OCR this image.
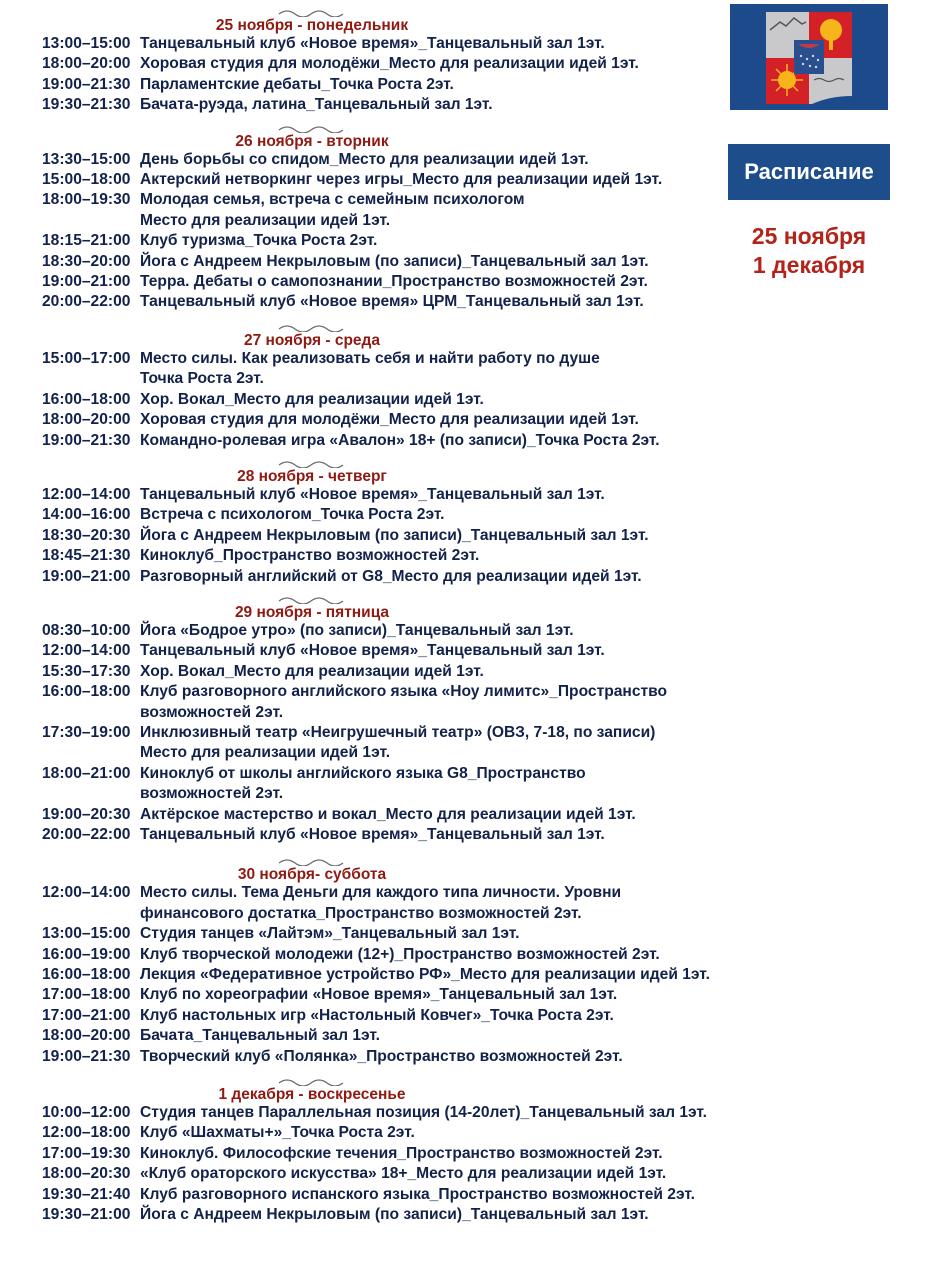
25 ноября - понедельник
13:00–15:00 Танцевальный клуб «Новое время»_Танцевальный зал 1эт.
18:00–20:00 Хоровая студия для молодёжи_Место для реализации идей 1эт.
19:00–21:30 Парламентские дебаты_Точка Роста 2эт.
19:30–21:30 Бачата-руэда, латина_Танцевальный зал 1эт.
26 ноября - вторник
13:30–15:00 День борьбы со спидом_Место для реализации идей 1эт.
15:00–18:00 Актерский нетворкинг через игры_Место для реализации идей 1эт.
18:00–19:30 Молодая семья, встреча с семейным психологом
Место для реализации идей 1эт.
18:15–21:00 Клуб туризма_Точка Роста 2эт.
18:30–20:00 Йога с Андреем Некрыловым (по записи)_Танцевальный зал 1эт.
19:00–21:00 Терра. Дебаты о самопознании_Пространство возможностей 2эт.
20:00–22:00 Танцевальный клуб «Новое время» ЦРМ_Танцевальный зал 1эт.
27 ноября - среда
15:00–17:00 Место силы. Как реализовать себя и найти работу по душе
Точка Роста 2эт.
16:00–18:00 Хор. Вокал_Место для реализации идей 1эт.
18:00–20:00 Хоровая студия для молодёжи_Место для реализации идей 1эт.
19:00–21:30 Командно-ролевая игра «Авалон» 18+ (по записи)_Точка Роста 2эт.
28 ноября - четверг
12:00–14:00 Танцевальный клуб «Новое время»_Танцевальный зал 1эт.
14:00–16:00 Встреча с психологом_Точка Роста 2эт.
18:30–20:30 Йога с Андреем Некрыловым (по записи)_Танцевальный зал 1эт.
18:45–21:30 Киноклуб_Пространство возможностей 2эт.
19:00–21:00 Разговорный английский от G8_Место для реализации идей 1эт.
29 ноября - пятница
08:30–10:00 Йога «Бодрое утро» (по записи)_Танцевальный зал 1эт.
12:00–14:00 Танцевальный клуб «Новое время»_Танцевальный зал 1эт.
15:30–17:30 Хор. Вокал_Место для реализации идей 1эт.
16:00–18:00 Клуб разговорного английского языка «Ноу лимитс»_Пространство
возможностей 2эт.
17:30–19:00 Инклюзивный театр «Неигрушечный театр» (ОВЗ, 7-18, по записи)
Место для реализации идей 1эт.
18:00–21:00 Киноклуб от школы английского языка G8_Пространство
возможностей 2эт.
19:00–20:30 Актёрское мастерство и вокал_Место для реализации идей 1эт.
20:00–22:00 Танцевальный клуб «Новое время»_Танцевальный зал 1эт.
30 ноября- суббота
12:00–14:00 Место силы. Тема Деньги для каждого типа личности. Уровни
финансового достатка_Пространство возможностей 2эт.
13:00–15:00 Студия танцев «Лайтэм»_Танцевальный зал 1эт.
16:00–19:00 Клуб творческой молодежи (12+)_Пространство возможностей 2эт.
16:00–18:00 Лекция «Федеративное устройство РФ»_Место для реализации идей 1эт.
17:00–18:00 Клуб по хореографии «Новое время»_Танцевальный зал 1эт.
17:00–21:00 Клуб настольных игр «Настольный Ковчег»_Точка Роста 2эт.
18:00–20:00 Бачата_Танцевальный зал 1эт.
19:00–21:30 Творческий клуб «Полянка»_Пространство возможностей 2эт.
1 декабря - воскресенье
10:00–12:00 Студия танцев Параллельная позиция (14-20лет)_Танцевальный зал 1эт.
12:00–18:00 Клуб «Шахматы+»_Точка Роста 2эт.
17:00–19:30 Киноклуб. Философские течения_Пространство возможностей 2эт.
18:00–20:30 «Клуб ораторского искусства» 18+_Место для реализации идей 1эт.
19:30–21:40 Клуб разговорного испанского языка_Пространство возможностей 2эт.
19:30–21:00 Йога с Андреем Некрыловым (по записи)_Танцевальный зал 1эт.
Расписание
25 ноября
1 декабря
